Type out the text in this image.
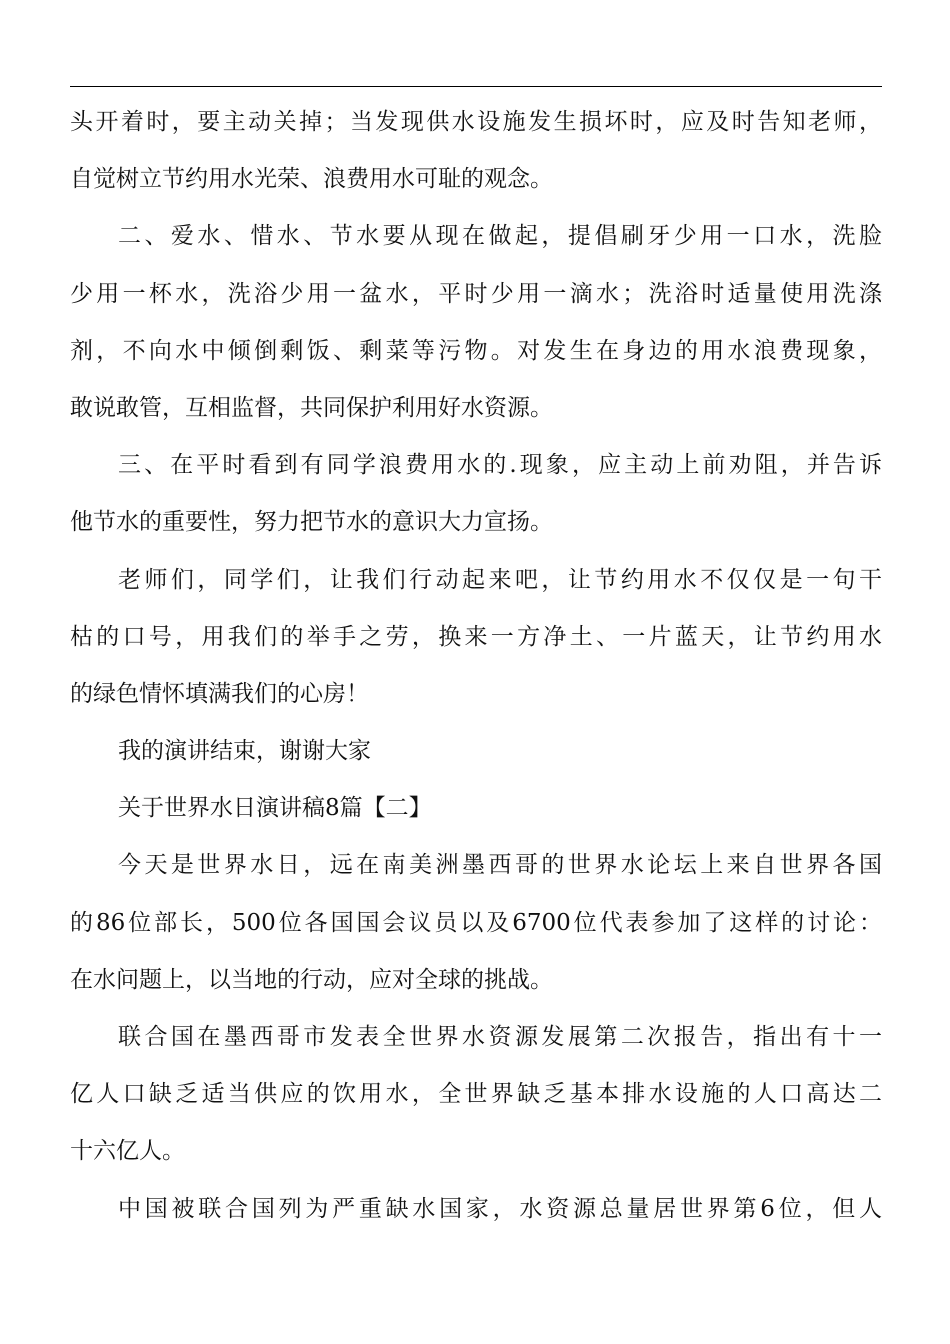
头开着时，要主动关掉；当发现供水设施发生损坏时，应及时告知老师，
自觉树立节约用水光荣、浪费用水可耻的观念。
二、爱水、惜水、节水要从现在做起，提倡刷牙少用一口水，洗脸
少用一杯水，洗浴少用一盆水，平时少用一滴水；洗浴时适量使用洗涤
剂，不向水中倾倒剩饭、剩菜等污物。对发生在身边的用水浪费现象，
敢说敢管，互相监督，共同保护利用好水资源。
三、在平时看到有同学浪费用水的.现象，应主动上前劝阻，并告诉
他节水的重要性，努力把节水的意识大力宣扬。
老师们，同学们，让我们行动起来吧，让节约用水不仅仅是一句干
枯的口号，用我们的举手之劳，换来一方净土、一片蓝天，让节约用水
的绿色情怀填满我们的心房！
我的演讲结束，谢谢大家
关于世界水日演讲稿8篇【二】
今天是世界水日，远在南美洲墨西哥的世界水论坛上来自世界各国
的86位部长，500位各国国会议员以及6700位代表参加了这样的讨论：
在水问题上，以当地的行动，应对全球的挑战。
联合国在墨西哥市发表全世界水资源发展第二次报告，指出有十一
亿人口缺乏适当供应的饮用水，全世界缺乏基本排水设施的人口高达二
十六亿人。
中国被联合国列为严重缺水国家，水资源总量居世界第6位，但人
